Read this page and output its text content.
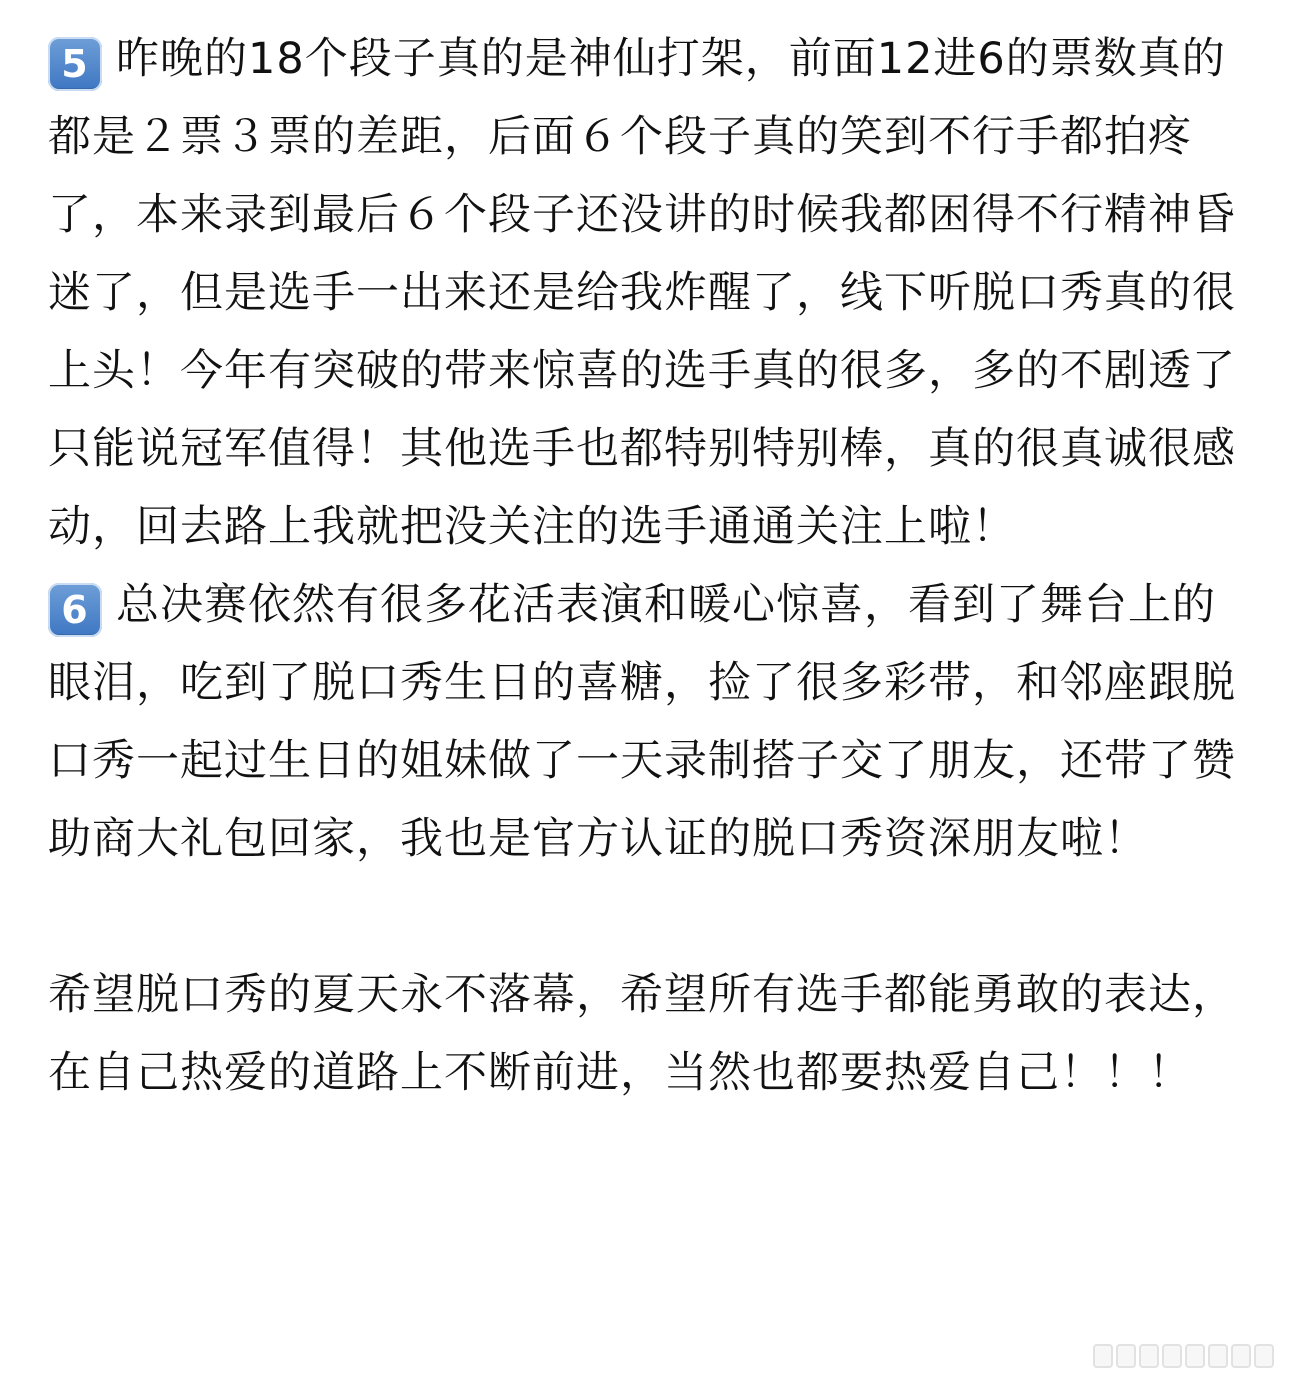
5 昨晚的18个段子真的是神仙打架，前面12进6的票数真的都是２票３票的差距，后面６个段子真的笑到不行手都拍疼了，本来录到最后６个段子还没讲的时候我都困得不行精神昏迷了，但是选手一出来还是给我炸醒了，线下听脱口秀真的很上头！今年有突破的带来惊喜的选手真的很多，多的不剧透了只能说冠军值得！其他选手也都特别特别棒，真的很真诚很感动，回去路上我就把没关注的选手通通关注上啦！

6 总决赛依然有很多花活表演和暖心惊喜，看到了舞台上的眼泪，吃到了脱口秀生日的喜糖，捡了很多彩带，和邻座跟脱口秀一起过生日的姐妹做了一天录制搭子交了朋友，还带了赞助商大礼包回家，我也是官方认证的脱口秀资深朋友啦！

希望脱口秀的夏天永不落幕，希望所有选手都能勇敢的表达，在自己热爱的道路上不断前进，当然也都要热爱自己！！！
